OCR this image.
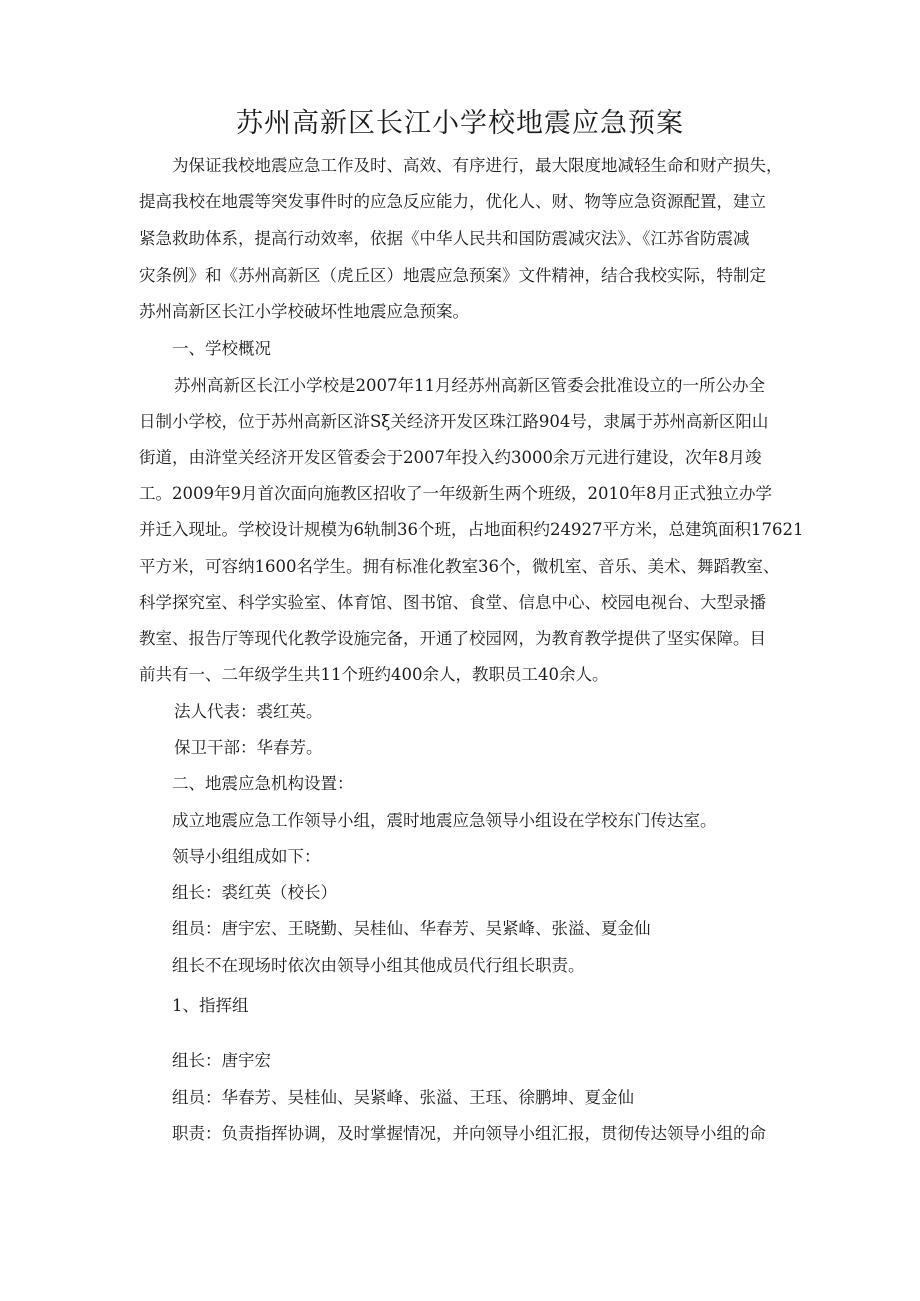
苏州高新区长江小学校地震应急预案

为保证我校地震应急工作及时、高效、有序进行，最大限度地减轻生命和财产损失，

提高我校在地震等突发事件时的应急反应能力，优化人、财、物等应急资源配置，建立

紧急救助体系，提高行动效率，依据《中华人民共和国防震减灾法》、《江苏省防震减

灾条例》和《苏州高新区（虎丘区）地震应急预案》文件精神，结合我校实际，特制定

苏州高新区长江小学校破坏性地震应急预案。

一、学校概况

苏州高新区长江小学校是2007年11月经苏州高新区管委会批准设立的一所公办全

日制小学校，位于苏州高新区浒Sξ关经济开发区珠江路904号，隶属于苏州高新区阳山

街道，由浒堂关经济开发区管委会于2007年投入约3000余万元进行建设，次年8月竣

工。2009年9月首次面向施教区招收了一年级新生两个班级，2010年8月正式独立办学

并迁入现址。学校设计规模为6轨制36个班，占地面积约24927平方米，总建筑面积17621

平方米，可容纳1600名学生。拥有标准化教室36个，微机室、音乐、美术、舞蹈教室、

科学探究室、科学实验室、体育馆、图书馆、食堂、信息中心、校园电视台、大型录播

教室、报告厅等现代化教学设施完备，开通了校园网，为教育教学提供了坚实保障。目

前共有一、二年级学生共11个班约400余人，教职员工40余人。

法人代表：裘红英。

保卫干部：华春芳。

二、地震应急机构设置：

成立地震应急工作领导小组，震时地震应急领导小组设在学校东门传达室。

领导小组组成如下：

组长：裘红英（校长）

组员：唐宇宏、王晓勤、吴桂仙、华春芳、吴紧峰、张溢、夏金仙

组长不在现场时依次由领导小组其他成员代行组长职责。

1、指挥组

组长：唐宇宏

组员：华春芳、吴桂仙、吴紧峰、张溢、王珏、徐鹏坤、夏金仙

职责：负责指挥协调，及时掌握情况，并向领导小组汇报，贯彻传达领导小组的命
